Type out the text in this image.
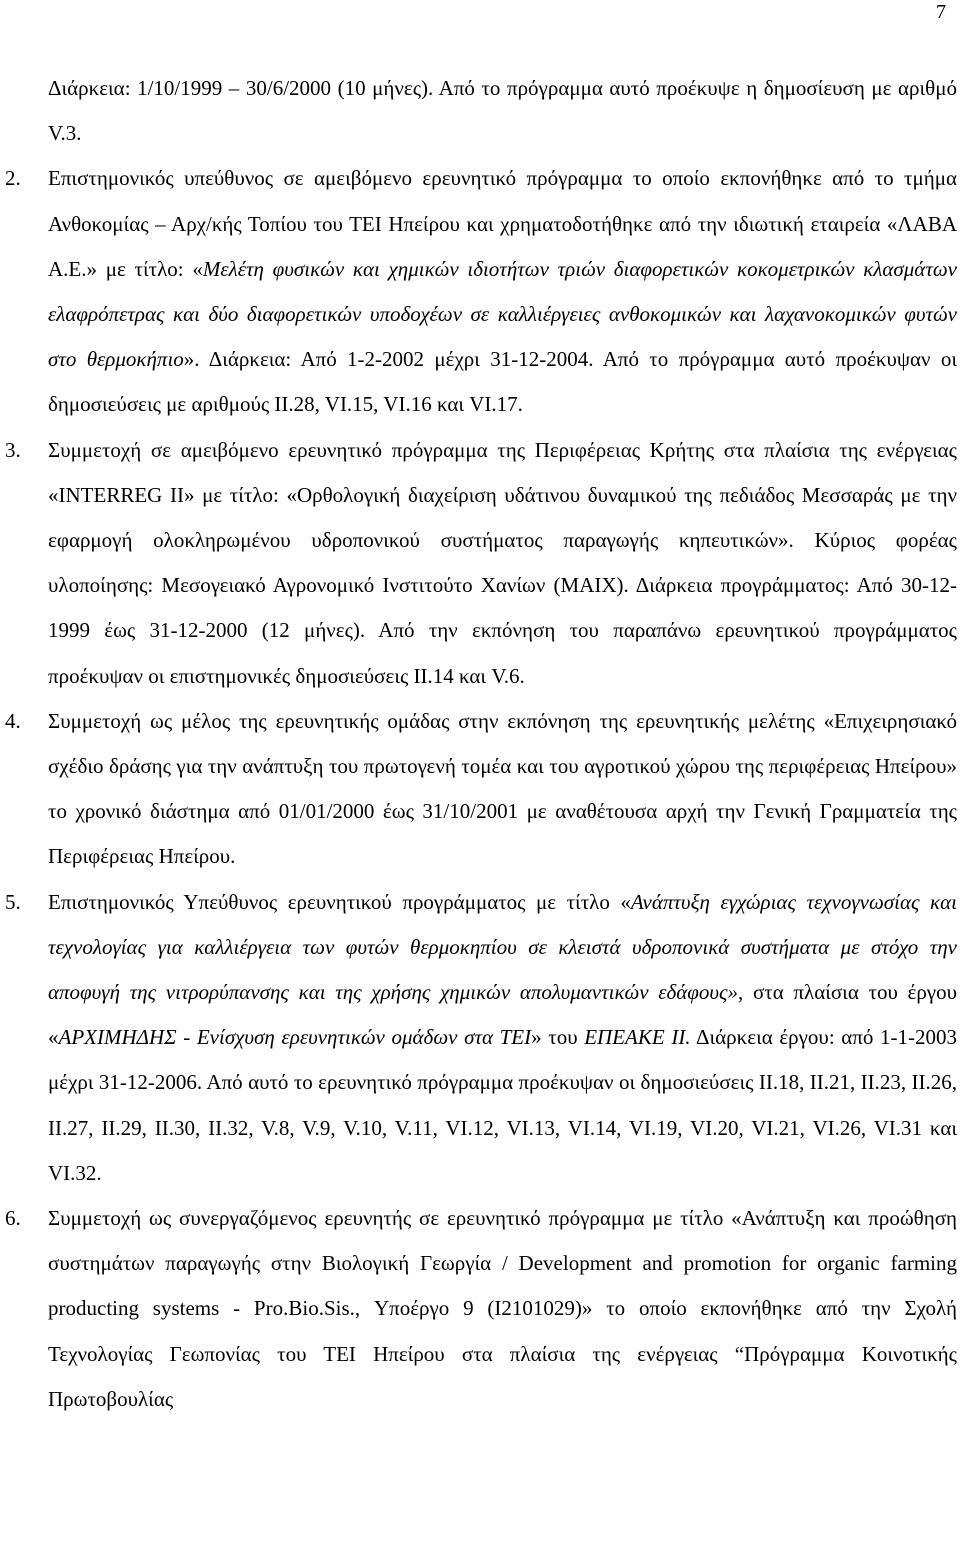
7
Διάρκεια: 1/10/1999 – 30/6/2000 (10 μήνες). Από το πρόγραμμα αυτό προέκυψε η δημοσίευση με αριθμό V.3.
2.	Επιστημονικός υπεύθυνος σε αμειβόμενο ερευνητικό πρόγραμμα το οποίο εκπονήθηκε από το τμήμα Ανθοκομίας – Αρχ/κής Τοπίου του ΤΕΙ Ηπείρου και χρηματοδοτήθηκε από την ιδιωτική εταιρεία «ΛΑΒΑ Α.Ε.» με τίτλο: «Μελέτη φυσικών και χημικών ιδιοτήτων τριών διαφορετικών κοκομετρικών κλασμάτων ελαφρόπετρας και δύο διαφορετικών υποδοχέων σε καλλιέργειες ανθοκομικών και λαχανοκομικών φυτών στο θερμοκήπιο». Διάρκεια: Από 1-2-2002 μέχρι 31-12-2004. Από το πρόγραμμα αυτό προέκυψαν οι δημοσιεύσεις με αριθμούς II.28, VI.15, VI.16 και VI.17.
3.	Συμμετοχή σε αμειβόμενο ερευνητικό πρόγραμμα της Περιφέρειας Κρήτης στα πλαίσια της ενέργειας «INTERREG II» με τίτλο: «Ορθολογική διαχείριση υδάτινου δυναμικού της πεδιάδος Μεσσαράς με την εφαρμογή ολοκληρωμένου υδροπονικού συστήματος παραγωγής κηπευτικών». Κύριος φορέας υλοποίησης: Μεσογειακό Αγρονομικό Ινστιτούτο Χανίων (ΜΑΙΧ). Διάρκεια προγράμματος: Από 30-12-1999 έως 31-12-2000 (12 μήνες). Από την εκπόνηση του παραπάνω ερευνητικού προγράμματος προέκυψαν οι επιστημονικές δημοσιεύσεις II.14 και V.6.
4.	Συμμετοχή ως μέλος της ερευνητικής ομάδας στην εκπόνηση της ερευνητικής μελέτης «Επιχειρησιακό σχέδιο δράσης για την ανάπτυξη του πρωτογενή τομέα και του αγροτικού χώρου της περιφέρειας Ηπείρου» το χρονικό διάστημα από 01/01/2000 έως 31/10/2001 με αναθέτουσα αρχή την Γενική Γραμματεία της Περιφέρειας Ηπείρου.
5.	Επιστημονικός Υπεύθυνος ερευνητικού προγράμματος με τίτλο «Ανάπτυξη εγχώριας τεχνογνωσίας και τεχνολογίας για καλλιέργεια των φυτών θερμοκηπίου σε κλειστά υδροπονικά συστήματα με στόχο την αποφυγή της νιτρορύπανσης και της χρήσης χημικών απολυμαντικών εδάφους», στα πλαίσια του έργου «ΑΡΧΙΜΗΔΗΣ - Ενίσχυση ερευνητικών ομάδων στα ΤΕΙ» του ΕΠΕΑΚΕ ΙΙ. Διάρκεια έργου: από 1-1-2003 μέχρι 31-12-2006. Από αυτό το ερευνητικό πρόγραμμα προέκυψαν οι δημοσιεύσεις II.18, II.21, II.23, II.26, II.27, II.29, II.30, II.32, V.8, V.9, V.10, V.11, VI.12, VI.13, VI.14, VI.19, VI.20, VI.21, VI.26, VI.31 και VI.32.
6.	Συμμετοχή ως συνεργαζόμενος ερευνητής σε ερευνητικό πρόγραμμα με τίτλο «Ανάπτυξη και προώθηση συστημάτων παραγωγής στην Βιολογική Γεωργία / Development and promotion for organic farming producting systems - Pro.Bio.Sis., Υποέργο 9 (I2101029)» το οποίο εκπονήθηκε από την Σχολή Τεχνολογίας Γεωπονίας του ΤΕΙ Ηπείρου στα πλαίσια της ενέργειας “Πρόγραμμα Κοινοτικής Πρωτοβουλίας
